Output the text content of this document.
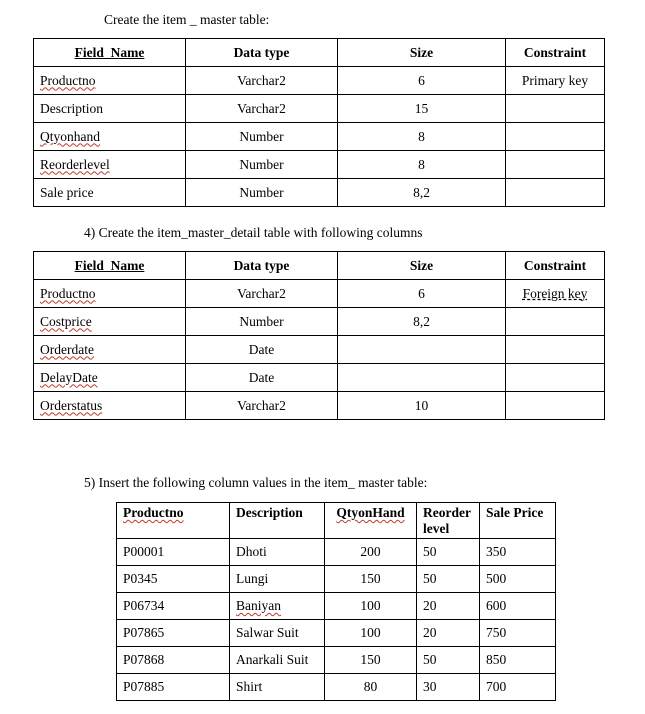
Create the item _ master table:
Field_Name	Data type	Size	Constraint
Productno	Varchar2	6	Primary key
Description	Varchar2	15	
Qtyonhand	Number	8	
Reorderlevel	Number	8	
Sale price	Number	8,2	
4) Create the item_master_detail table with following columns
Field_Name	Data type	Size	Constraint
Productno	Varchar2	6	Foreign key
Costprice	Number	8,2	
Orderdate	Date		
DelayDate	Date		
Orderstatus	Varchar2	10	
5) Insert the following column values in the item_ master table:
Productno	Description	QtyonHand	Reorder level	Sale Price
P00001	Dhoti	200	50	350
P0345	Lungi	150	50	500
P06734	Baniyan	100	20	600
P07865	Salwar Suit	100	20	750
P07868	Anarkali Suit	150	50	850
P07885	Shirt	80	30	700
